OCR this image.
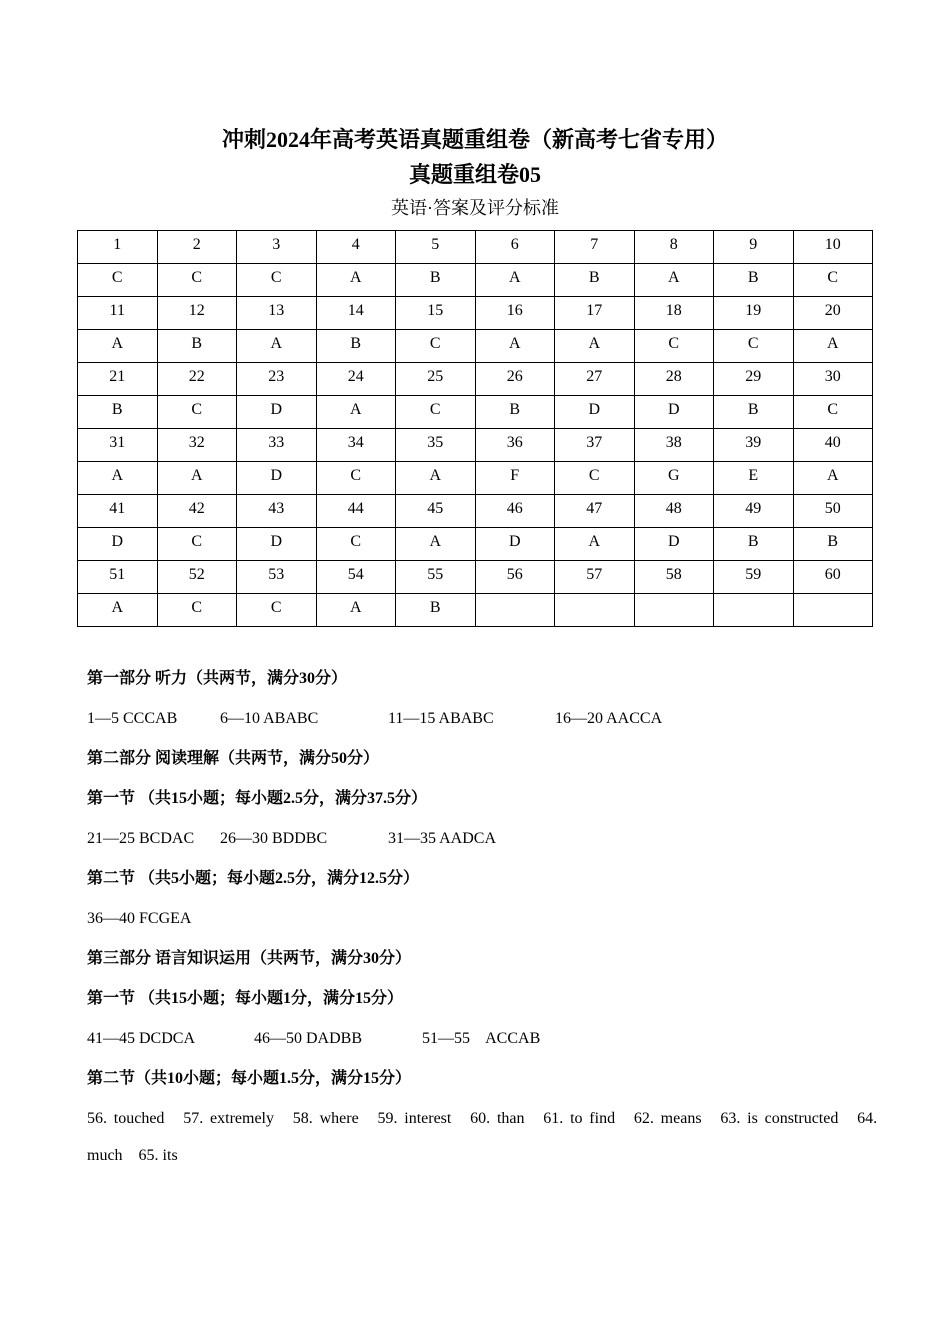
冲刺2024年高考英语真题重组卷（新高考七省专用）
真题重组卷05
英语·答案及评分标准
1	2	3	4	5	6	7	8	9	10
C	C	C	A	B	A	B	A	B	C
11	12	13	14	15	16	17	18	19	20
A	B	A	B	C	A	A	C	C	A
21	22	23	24	25	26	27	28	29	30
B	C	D	A	C	B	D	D	B	C
31	32	33	34	35	36	37	38	39	40
A	A	D	C	A	F	C	G	E	A
41	42	43	44	45	46	47	48	49	50
D	C	D	C	A	D	A	D	B	B
51	52	53	54	55	56	57	58	59	60
A	C	C	A	B					
第一部分 听力（共两节，满分30分）
1—5 CCCAB	6—10 ABABC	11—15 ABABC	16—20 AACCA
第二部分 阅读理解（共两节，满分50分）
第一节 （共15小题；每小题2.5分，满分37.5分）
21—25 BCDAC 26—30 BDDBC	31—35 AADCA
第二节 （共5小题；每小题2.5分，满分12.5分）
36—40 FCGEA
第三部分 语言知识运用（共两节，满分30分）
第一节 （共15小题；每小题1分，满分15分）
41—45 DCDCA	46—50 DADBB	51—55    ACCAB
第二节（共10小题；每小题1.5分，满分15分）
56. touched 57. extremely 58. where 59. interest 60. than 61. to find 62. means 63. is constructed 64. much 65. its
